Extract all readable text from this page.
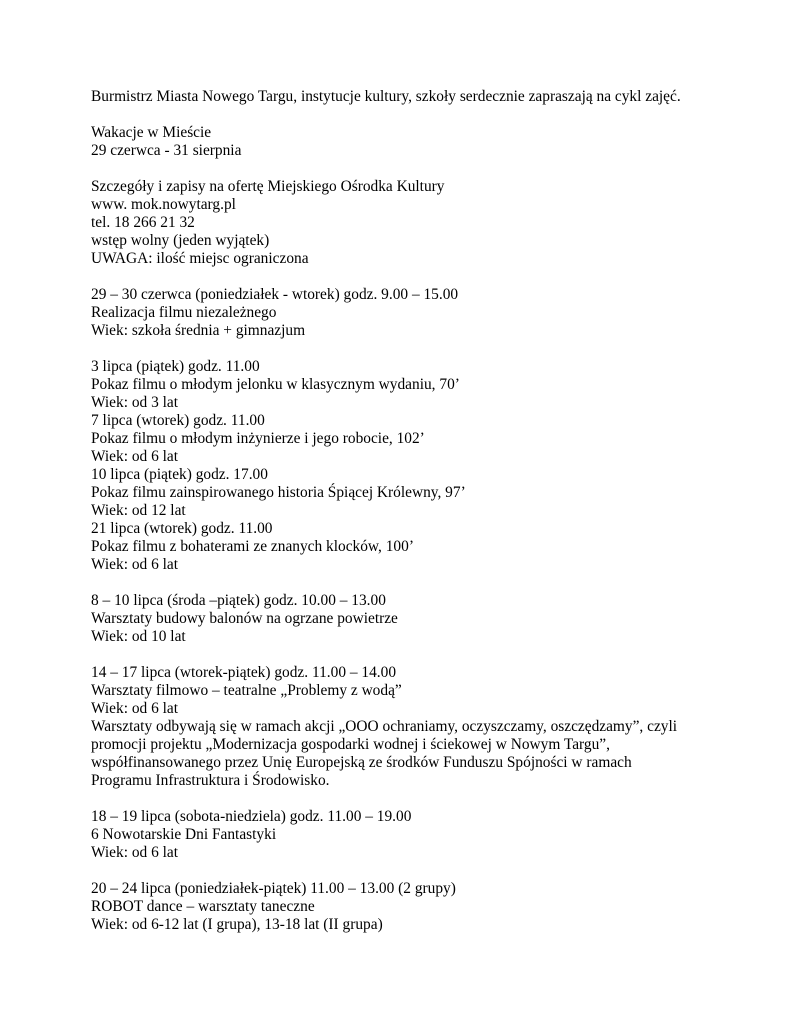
Burmistrz Miasta Nowego Targu, instytucje kultury, szkoły serdecznie zapraszają na cykl zajęć.
Wakacje w Mieście
29 czerwca - 31 sierpnia
Szczegóły i zapisy na ofertę Miejskiego Ośrodka Kultury
www. mok.nowytarg.pl
tel. 18 266 21 32
wstęp wolny (jeden wyjątek)
UWAGA: ilość miejsc ograniczona
29 – 30 czerwca (poniedziałek - wtorek) godz. 9.00 – 15.00
Realizacja filmu niezależnego
Wiek: szkoła średnia + gimnazjum
3 lipca (piątek) godz. 11.00
Pokaz filmu o młodym jelonku w klasycznym wydaniu, 70’
Wiek: od 3 lat
7 lipca (wtorek) godz. 11.00
Pokaz filmu o młodym inżynierze i jego robocie, 102’
Wiek: od 6 lat
10 lipca (piątek) godz. 17.00
Pokaz filmu zainspirowanego historia Śpiącej Królewny, 97’
Wiek: od 12 lat
21 lipca (wtorek) godz. 11.00
Pokaz filmu z bohaterami ze znanych klocków, 100’
Wiek: od 6 lat
8 – 10 lipca (środa –piątek) godz. 10.00 – 13.00
Warsztaty budowy balonów na ogrzane powietrze
Wiek: od 10 lat
14 – 17 lipca (wtorek-piątek) godz. 11.00 – 14.00
Warsztaty filmowo – teatralne „Problemy z wodą”
Wiek: od 6 lat
Warsztaty odbywają się w ramach akcji „OOO ochraniamy, oczyszczamy, oszczędzamy”, czyli
promocji projektu „Modernizacja gospodarki wodnej i ściekowej w Nowym Targu”,
współfinansowanego przez Unię Europejską ze środków Funduszu Spójności w ramach
Programu Infrastruktura i Środowisko.
18 – 19 lipca (sobota-niedziela) godz. 11.00 – 19.00
6 Nowotarskie Dni Fantastyki
Wiek: od 6 lat
20 – 24 lipca (poniedziałek-piątek) 11.00 – 13.00 (2 grupy)
ROBOT dance – warsztaty taneczne
Wiek: od 6-12 lat (I grupa), 13-18 lat (II grupa)
